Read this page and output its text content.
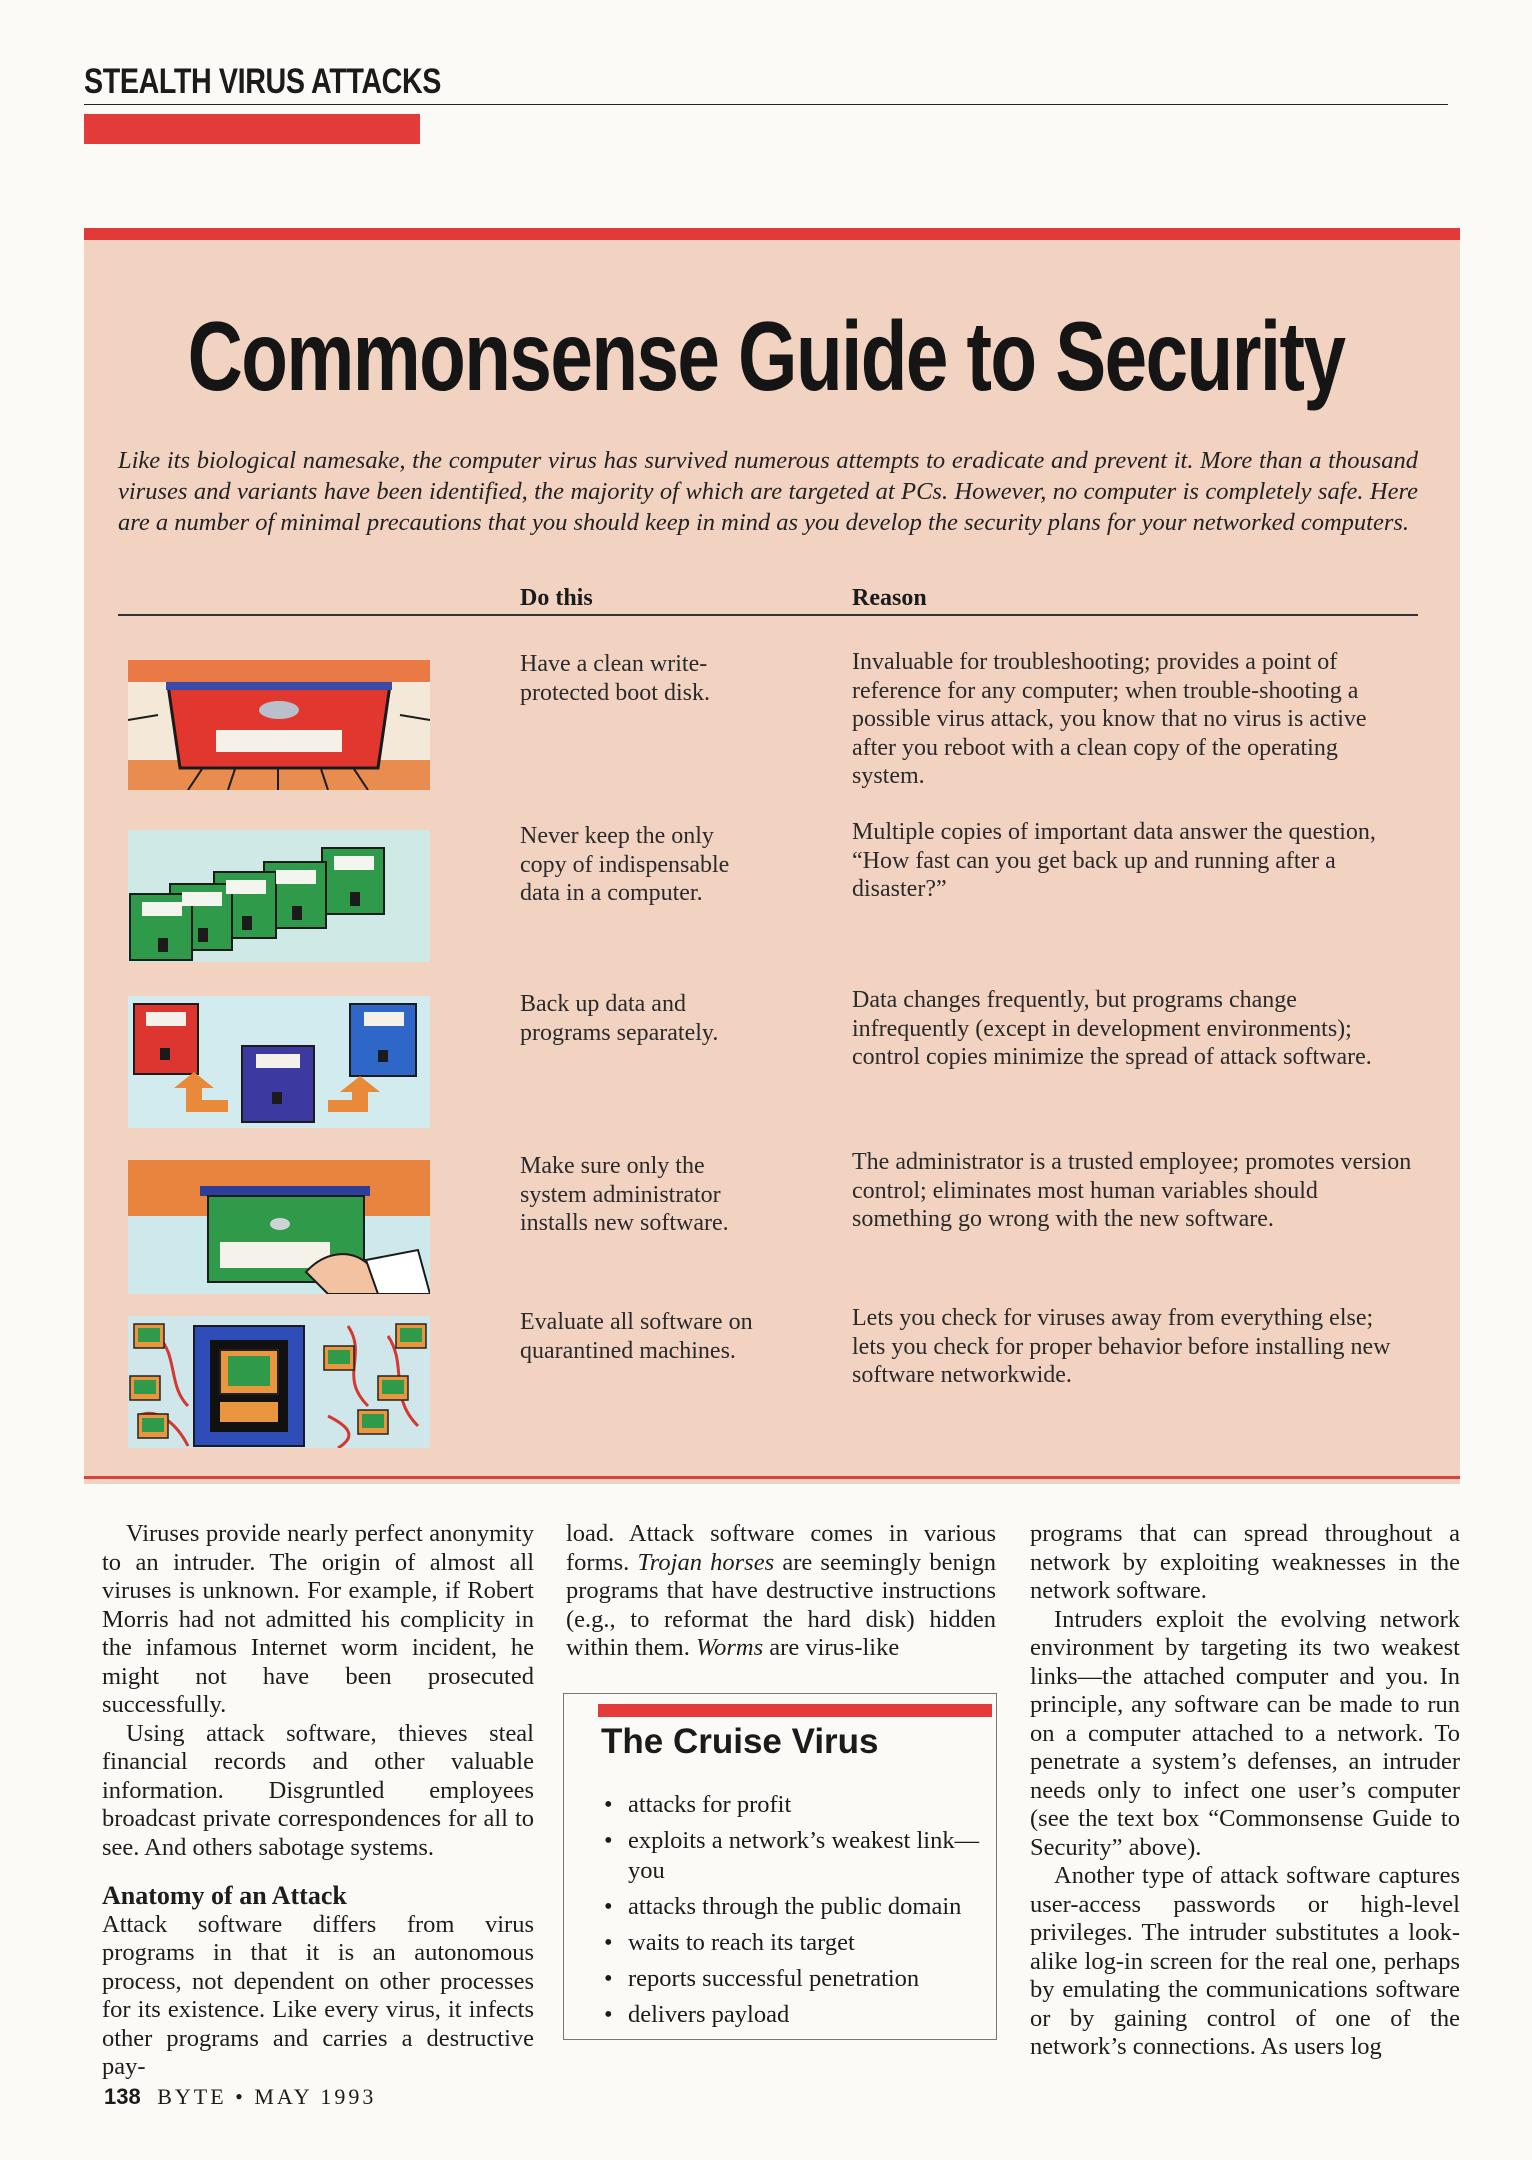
STEALTH VIRUS ATTACKS
Commonsense Guide to Security
Like its biological namesake, the computer virus has survived numerous attempts to eradicate and prevent it. More than a thousand viruses and variants have been identified, the majority of which are targeted at PCs. However, no computer is completely safe. Here are a number of minimal precautions that you should keep in mind as you develop the security plans for your networked computers.
Do this	Reason
Have a clean write-protected boot disk.
Invaluable for troubleshooting; provides a point of reference for any computer; when trouble-shooting a possible virus attack, you know that no virus is active after you reboot with a clean copy of the operating system.
Never keep the only copy of indispensable data in a computer.
Multiple copies of important data answer the question, “How fast can you get back up and running after a disaster?”
Back up data and programs separately.
Data changes frequently, but programs change infrequently (except in development environments); control copies minimize the spread of attack software.
Make sure only the system administrator installs new software.
The administrator is a trusted employee; promotes version control; eliminates most human variables should something go wrong with the new software.
Evaluate all software on quarantined machines.
Lets you check for viruses away from everything else; lets you check for proper behavior before installing new software networkwide.

Viruses provide nearly perfect anonymity to an intruder. The origin of almost all viruses is unknown. For example, if Robert Morris had not admitted his complicity in the infamous Internet worm incident, he might not have been prosecuted successfully.

Using attack software, thieves steal financial records and other valuable information. Disgruntled employees broadcast private correspondences for all to see. And others sabotage systems.

Anatomy of an Attack

Attack software differs from virus programs in that it is an autonomous process, not dependent on other processes for its existence. Like every virus, it infects other programs and carries a destructive pay-

load. Attack software comes in various forms. Trojan horses are seemingly benign programs that have destructive instructions (e.g., to reformat the hard disk) hidden within them. Worms are virus-like

The Cruise Virus
• attacks for profit
• exploits a network’s weakest link—you
• attacks through the public domain
• waits to reach its target
• reports successful penetration
• delivers payload

programs that can spread throughout a network by exploiting weaknesses in the network software.

Intruders exploit the evolving network environment by targeting its two weakest links—the attached computer and you. In principle, any software can be made to run on a computer attached to a network. To penetrate a system’s defenses, an intruder needs only to infect one user’s computer (see the text box “Commonsense Guide to Security” above).

Another type of attack software captures user-access passwords or high-level privileges. The intruder substitutes a look-alike log-in screen for the real one, perhaps by emulating the communications software or by gaining control of one of the network’s connections. As users log

138 BYTE • MAY 1993
